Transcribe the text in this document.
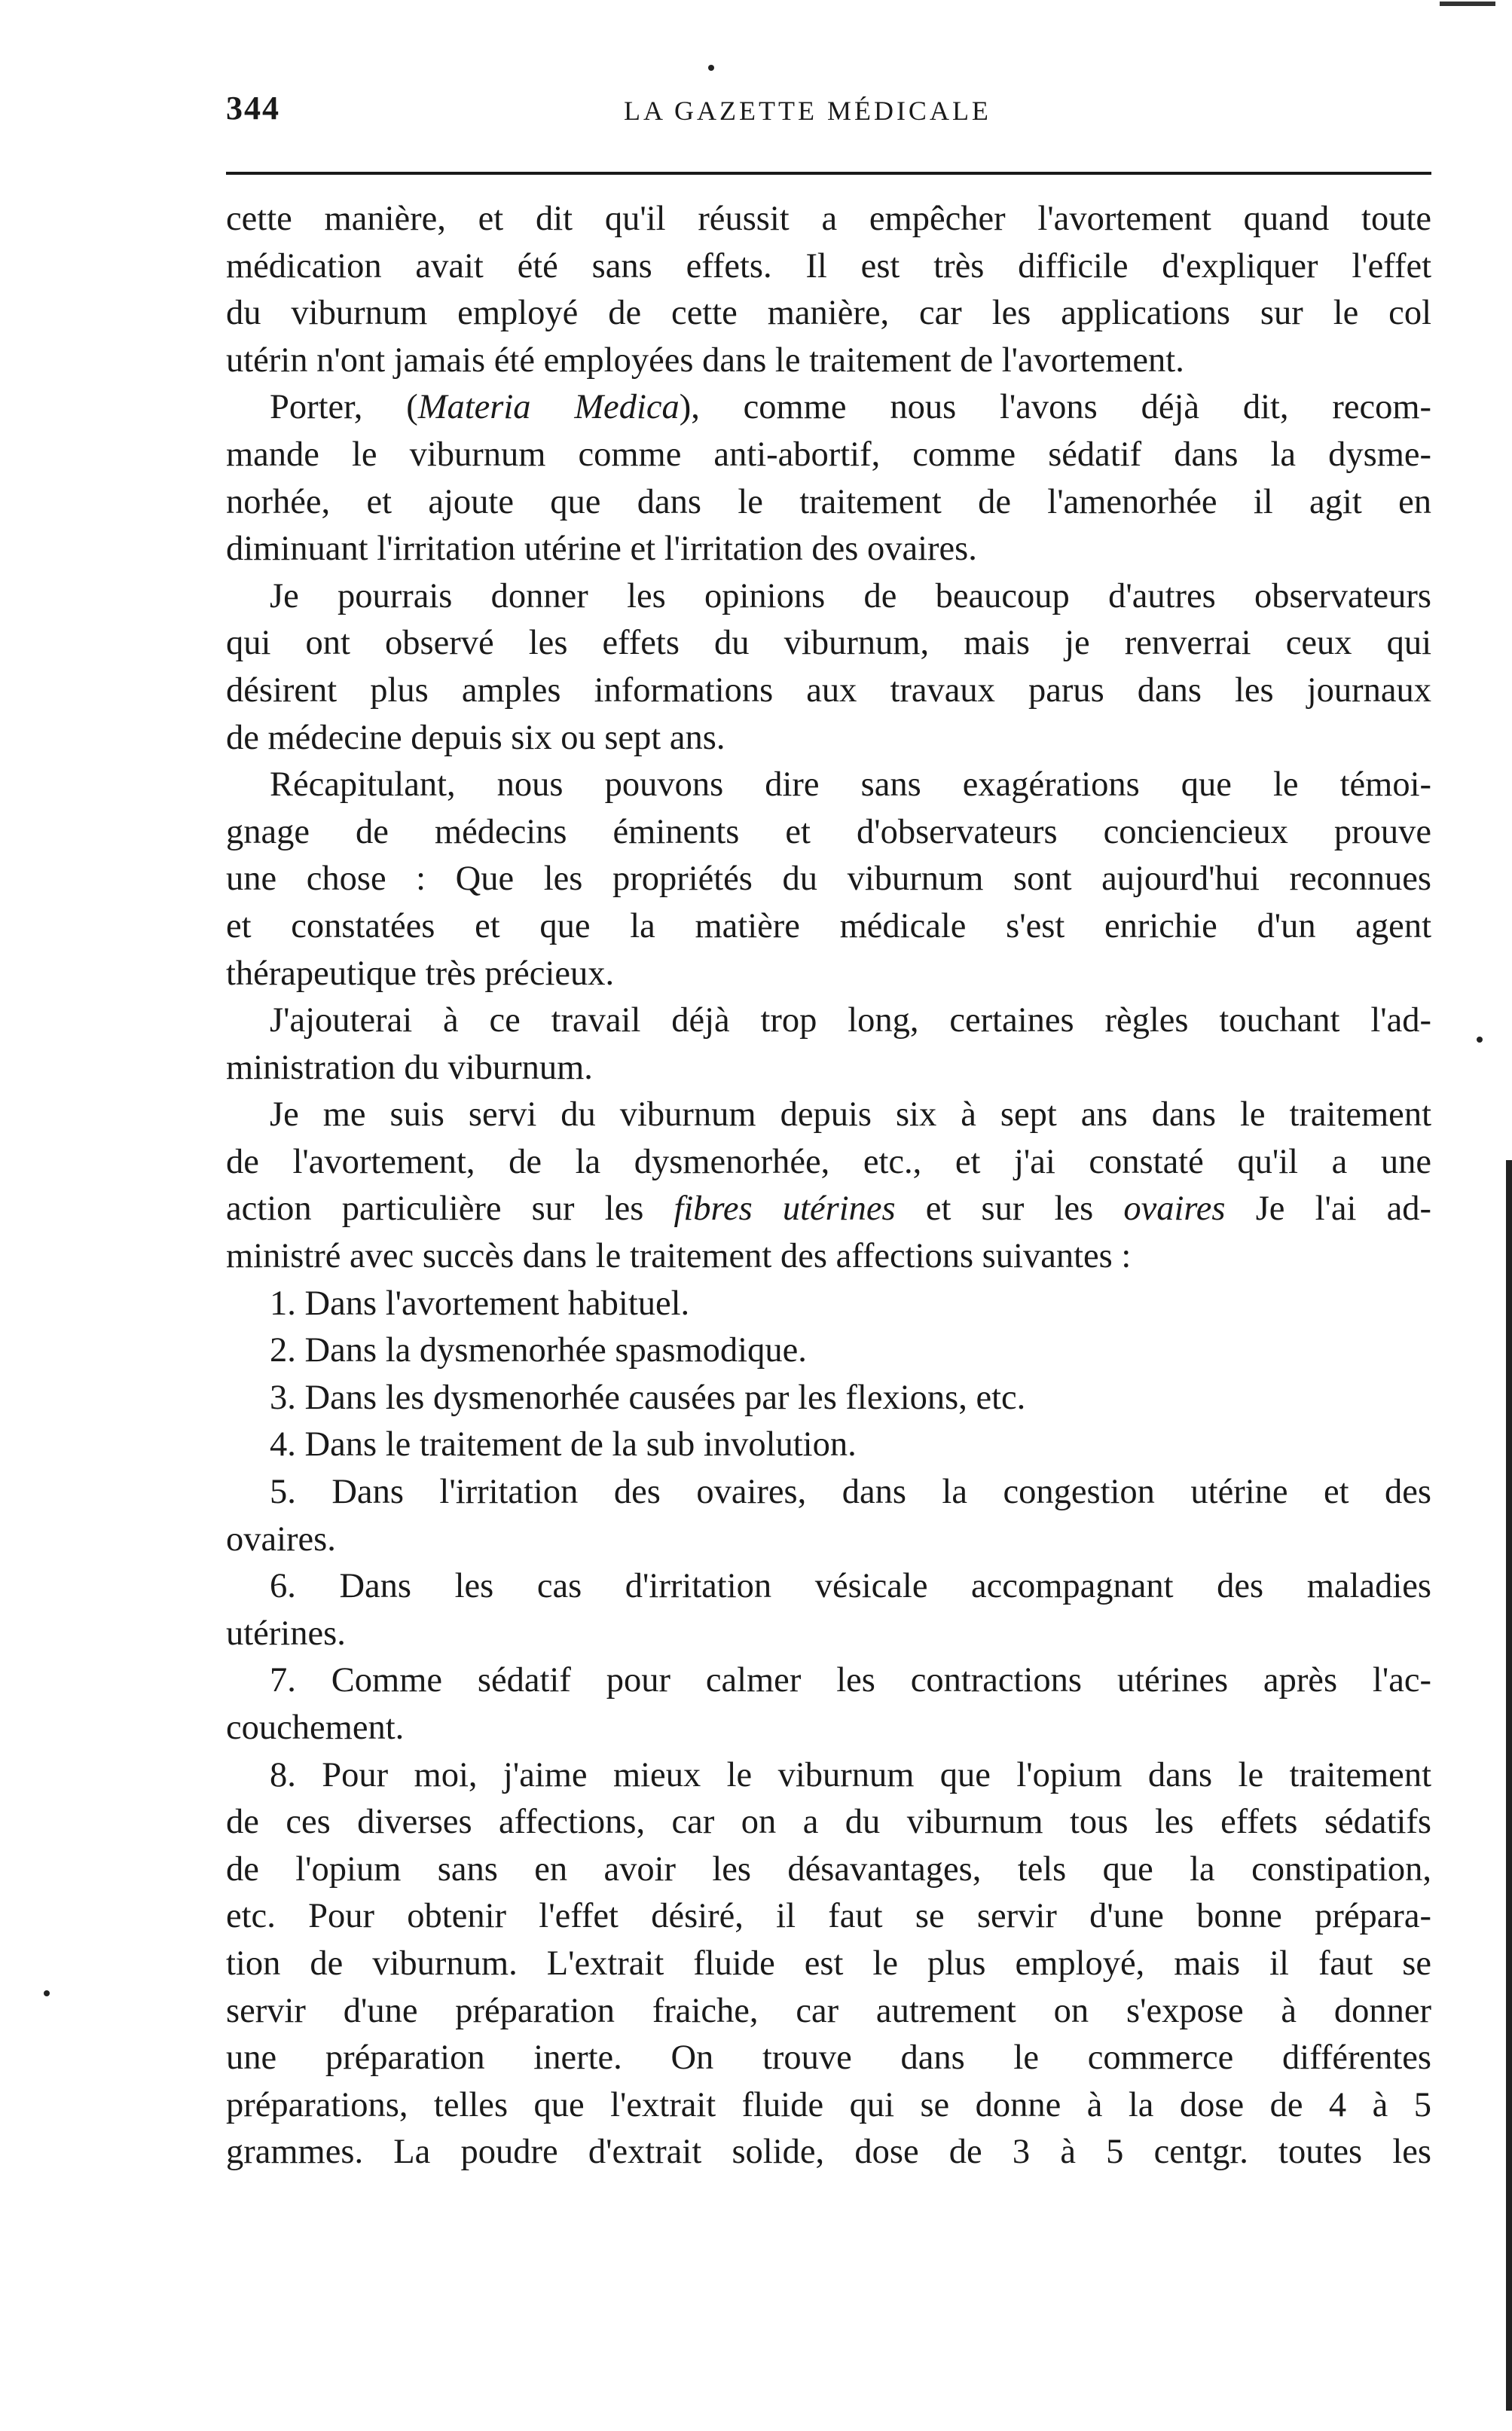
344	LA GAZETTE MÉDICALE
cette manière, et dit qu'il réussit a empêcher l'avortement quand toute
médication avait été sans effets. Il est très difficile d'expliquer l'effet
du viburnum employé de cette manière, car les applications sur le col
utérin n'ont jamais été employées dans le traitement de l'avortement.
Porter, (Materia Medica), comme nous l'avons déjà dit, recom-
mande le viburnum comme anti-abortif, comme sédatif dans la dysme-
norhée, et ajoute que dans le traitement de l'amenorhée il agit en
diminuant l'irritation utérine et l'irritation des ovaires.
Je pourrais donner les opinions de beaucoup d'autres observateurs
qui ont observé les effets du viburnum, mais je renverrai ceux qui
désirent plus amples informations aux travaux parus dans les journaux
de médecine depuis six ou sept ans.
Récapitulant, nous pouvons dire sans exagérations que le témoi-
gnage de médecins éminents et d'observateurs concienciеux prouve
une chose : Que les propriétés du viburnum sont aujourd'hui reconnues
et constatées et que la matière médicale s'est enrichie d'un agent
thérapeutique très précieux.
J'ajouterai à ce travail déjà trop long, certaines règles touchant l'ad-
ministration du viburnum.
Je me suis servi du viburnum depuis six à sept ans dans le traitement
de l'avortement, de la dysmenorhée, etc., et j'ai constaté qu'il a une
action particulière sur les fibres utérines et sur les ovaires Je l'ai ad-
ministré avec succès dans le traitement des affections suivantes :
1. Dans l'avortement habituel.
2. Dans la dysmenorhée spasmodique.
3. Dans les dysmenorhée causées par les flexions, etc.
4. Dans le traitement de la sub involution.
5. Dans l'irritation des ovaires, dans la congestion utérine et des
ovaires.
6. Dans les cas d'irritation vésicale accompagnant des maladies
utérines.
7. Comme sédatif pour calmer les contractions utérines après l'ac-
couchement.
8. Pour moi, j'aime mieux le viburnum que l'opium dans le traitement
de ces diverses affections, car on a du viburnum tous les effets sédatifs
de l'opium sans en avoir les désavantages, tels que la constipation,
etc. Pour obtenir l'effet désiré, il faut se servir d'une bonne prépara-
tion de viburnum. L'extrait fluide est le plus employé, mais il faut se
servir d'une préparation fraiche, car autrement on s'expose à donner
une préparation inerte. On trouve dans le commerce différentes
préparations, telles que l'extrait fluide qui se donne à la dose de 4 à 5
grammes. La poudre d'extrait solide, dose de 3 à 5 centgr. toutes les
